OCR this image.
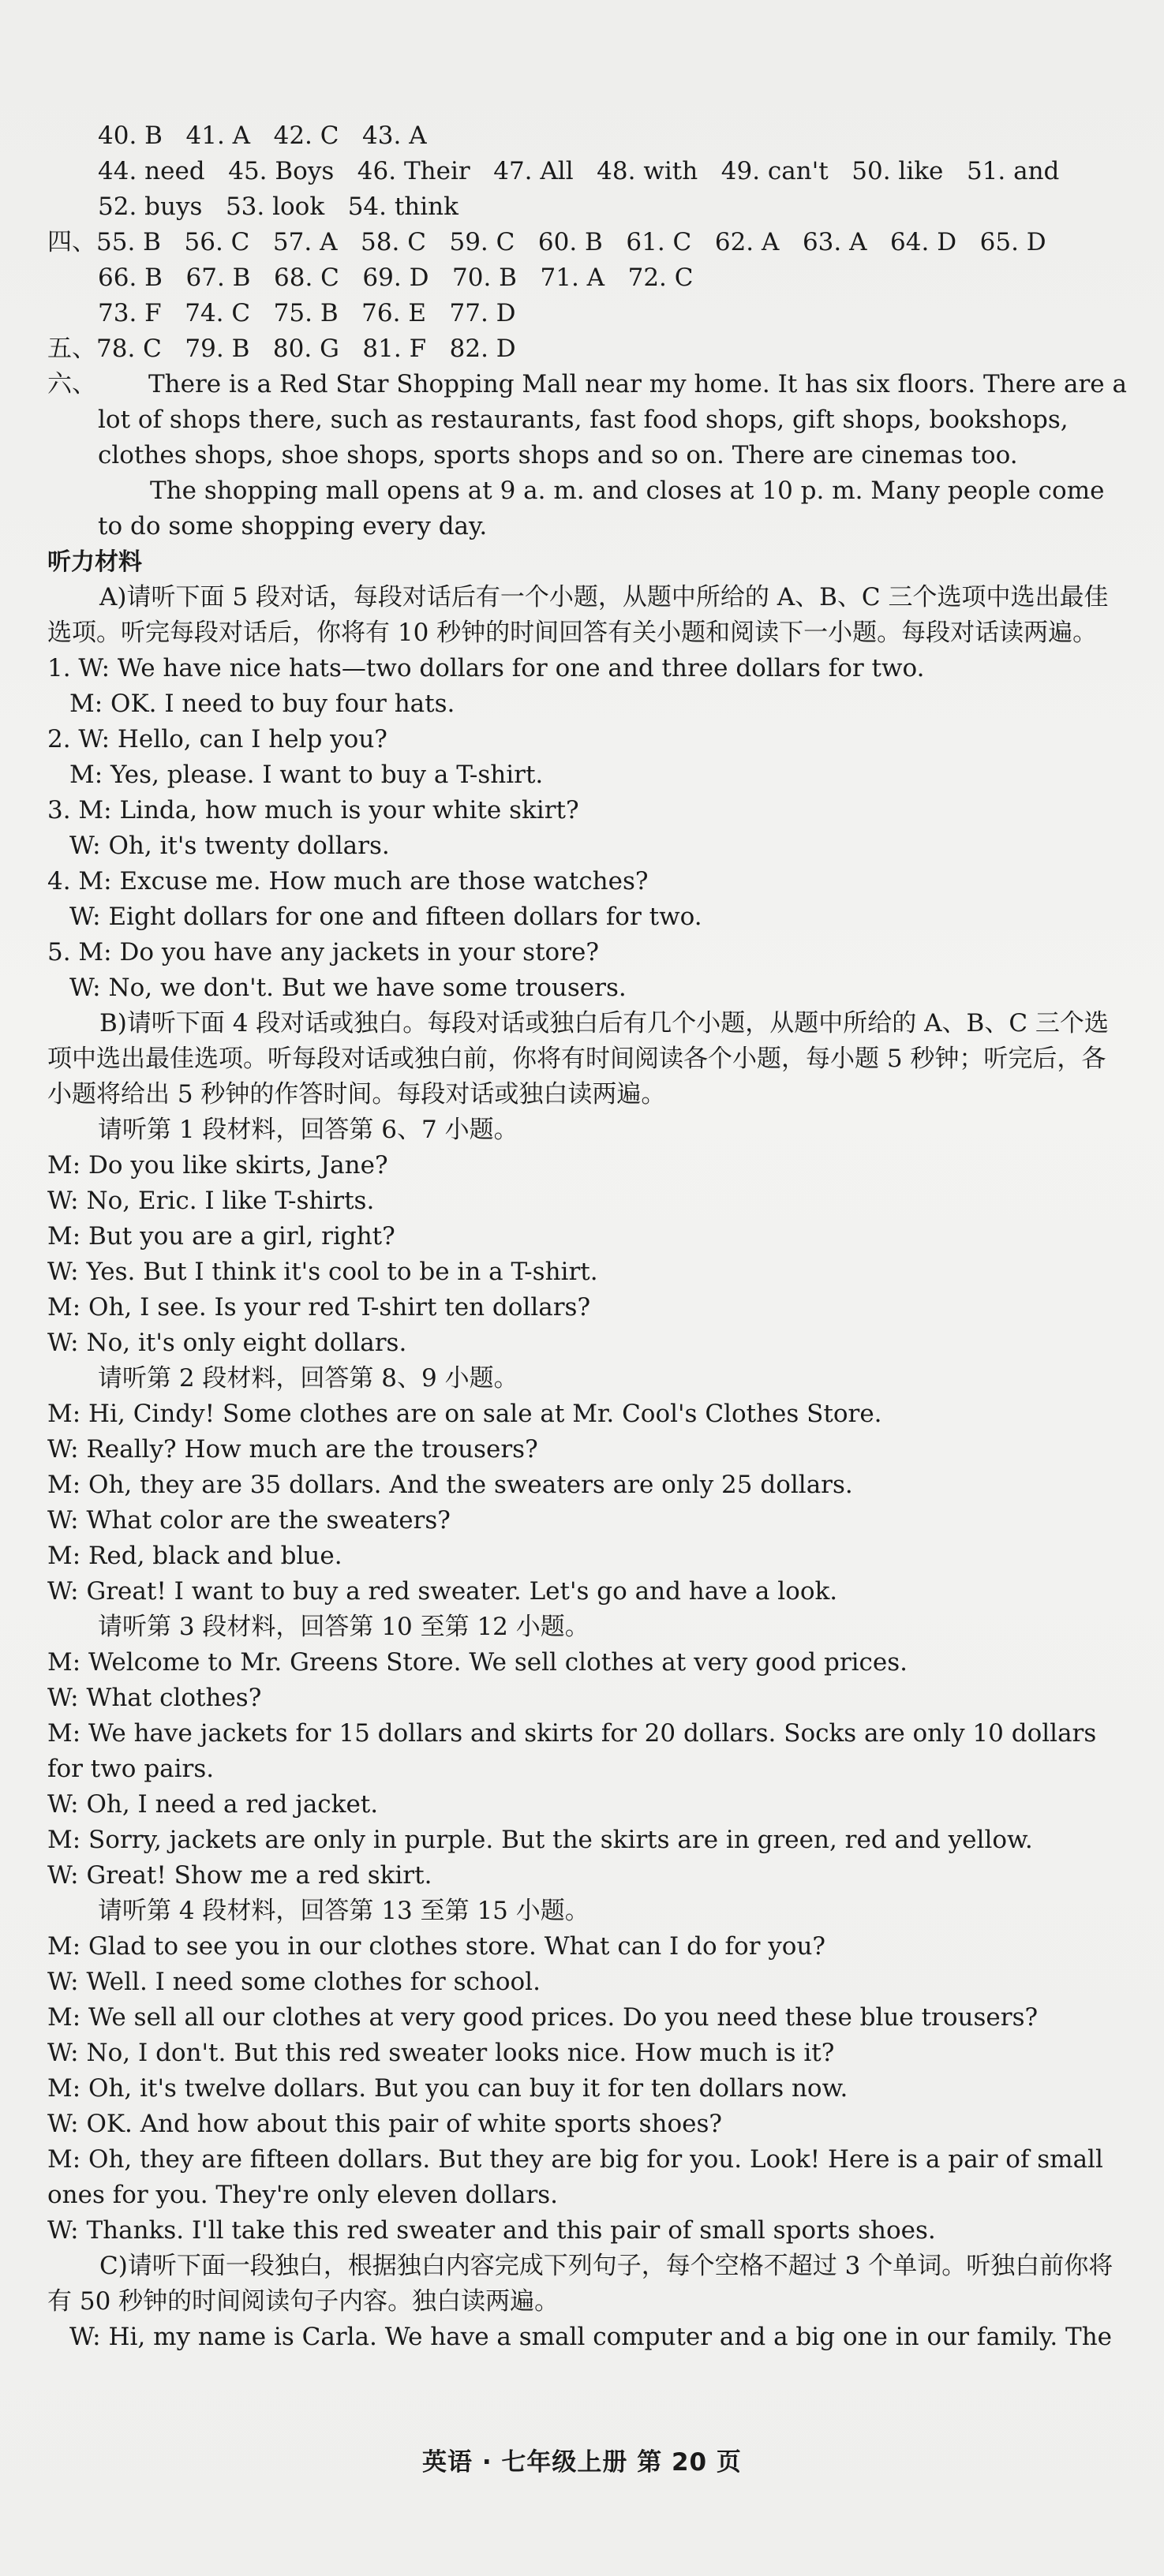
40. B   41. A   42. C   43. A
44. need   45. Boys   46. Their   47. All   48. with   49. can't   50. like   51. and
52. buys   53. look   54. think
四、55. B   56. C   57. A   58. C   59. C   60. B   61. C   62. A   63. A   64. D   65. D
66. B   67. B   68. C   69. D   70. B   71. A   72. C
73. F   74. C   75. B   76. E   77. D
五、78. C   79. B   80. G   81. F   82. D
六、	There is a Red Star Shopping Mall near my home. It has six floors. There are a lot of shops there, such as restaurants, fast food shops, gift shops, bookshops, clothes shops, shoe shops, sports shops and so on. There are cinemas too.
The shopping mall opens at 9 a. m. and closes at 10 p. m. Many people come to do some shopping every day.
听力材料
A)请听下面 5 段对话，每段对话后有一个小题，从题中所给的 A、B、C 三个选项中选出最佳选项。听完每段对话后，你将有 10 秒钟的时间回答有关小题和阅读下一小题。每段对话读两遍。
1. W: We have nice hats—two dollars for one and three dollars for two.
M: OK. I need to buy four hats.
2. W: Hello, can I help you?
M: Yes, please. I want to buy a T-shirt.
3. M: Linda, how much is your white skirt?
W: Oh, it's twenty dollars.
4. M: Excuse me. How much are those watches?
W: Eight dollars for one and fifteen dollars for two.
5. M: Do you have any jackets in your store?
W: No, we don't. But we have some trousers.
B)请听下面 4 段对话或独白。每段对话或独白后有几个小题，从题中所给的 A、B、C 三个选项中选出最佳选项。听每段对话或独白前，你将有时间阅读各个小题，每小题 5 秒钟；听完后，各小题将给出 5 秒钟的作答时间。每段对话或独白读两遍。
请听第 1 段材料，回答第 6、7 小题。
M: Do you like skirts, Jane?
W: No, Eric. I like T-shirts.
M: But you are a girl, right?
W: Yes. But I think it's cool to be in a T-shirt.
M: Oh, I see. Is your red T-shirt ten dollars?
W: No, it's only eight dollars.
请听第 2 段材料，回答第 8、9 小题。
M: Hi, Cindy! Some clothes are on sale at Mr. Cool's Clothes Store.
W: Really? How much are the trousers?
M: Oh, they are 35 dollars. And the sweaters are only 25 dollars.
W: What color are the sweaters?
M: Red, black and blue.
W: Great! I want to buy a red sweater. Let's go and have a look.
请听第 3 段材料，回答第 10 至第 12 小题。
M: Welcome to Mr. Greens Store. We sell clothes at very good prices.
W: What clothes?
M: We have jackets for 15 dollars and skirts for 20 dollars. Socks are only 10 dollars for two pairs.
W: Oh, I need a red jacket.
M: Sorry, jackets are only in purple. But the skirts are in green, red and yellow.
W: Great! Show me a red skirt.
请听第 4 段材料，回答第 13 至第 15 小题。
M: Glad to see you in our clothes store. What can I do for you?
W: Well. I need some clothes for school.
M: We sell all our clothes at very good prices. Do you need these blue trousers?
W: No, I don't. But this red sweater looks nice. How much is it?
M: Oh, it's twelve dollars. But you can buy it for ten dollars now.
W: OK. And how about this pair of white sports shoes?
M: Oh, they are fifteen dollars. But they are big for you. Look! Here is a pair of small ones for you. They're only eleven dollars.
W: Thanks. I'll take this red sweater and this pair of small sports shoes.
C)请听下面一段独白，根据独白内容完成下列句子，每个空格不超过 3 个单词。听独白前你将有 50 秒钟的时间阅读句子内容。独白读两遍。
W: Hi, my name is Carla. We have a small computer and a big one in our family. The
英语 · 七年级上册 第 20 页
